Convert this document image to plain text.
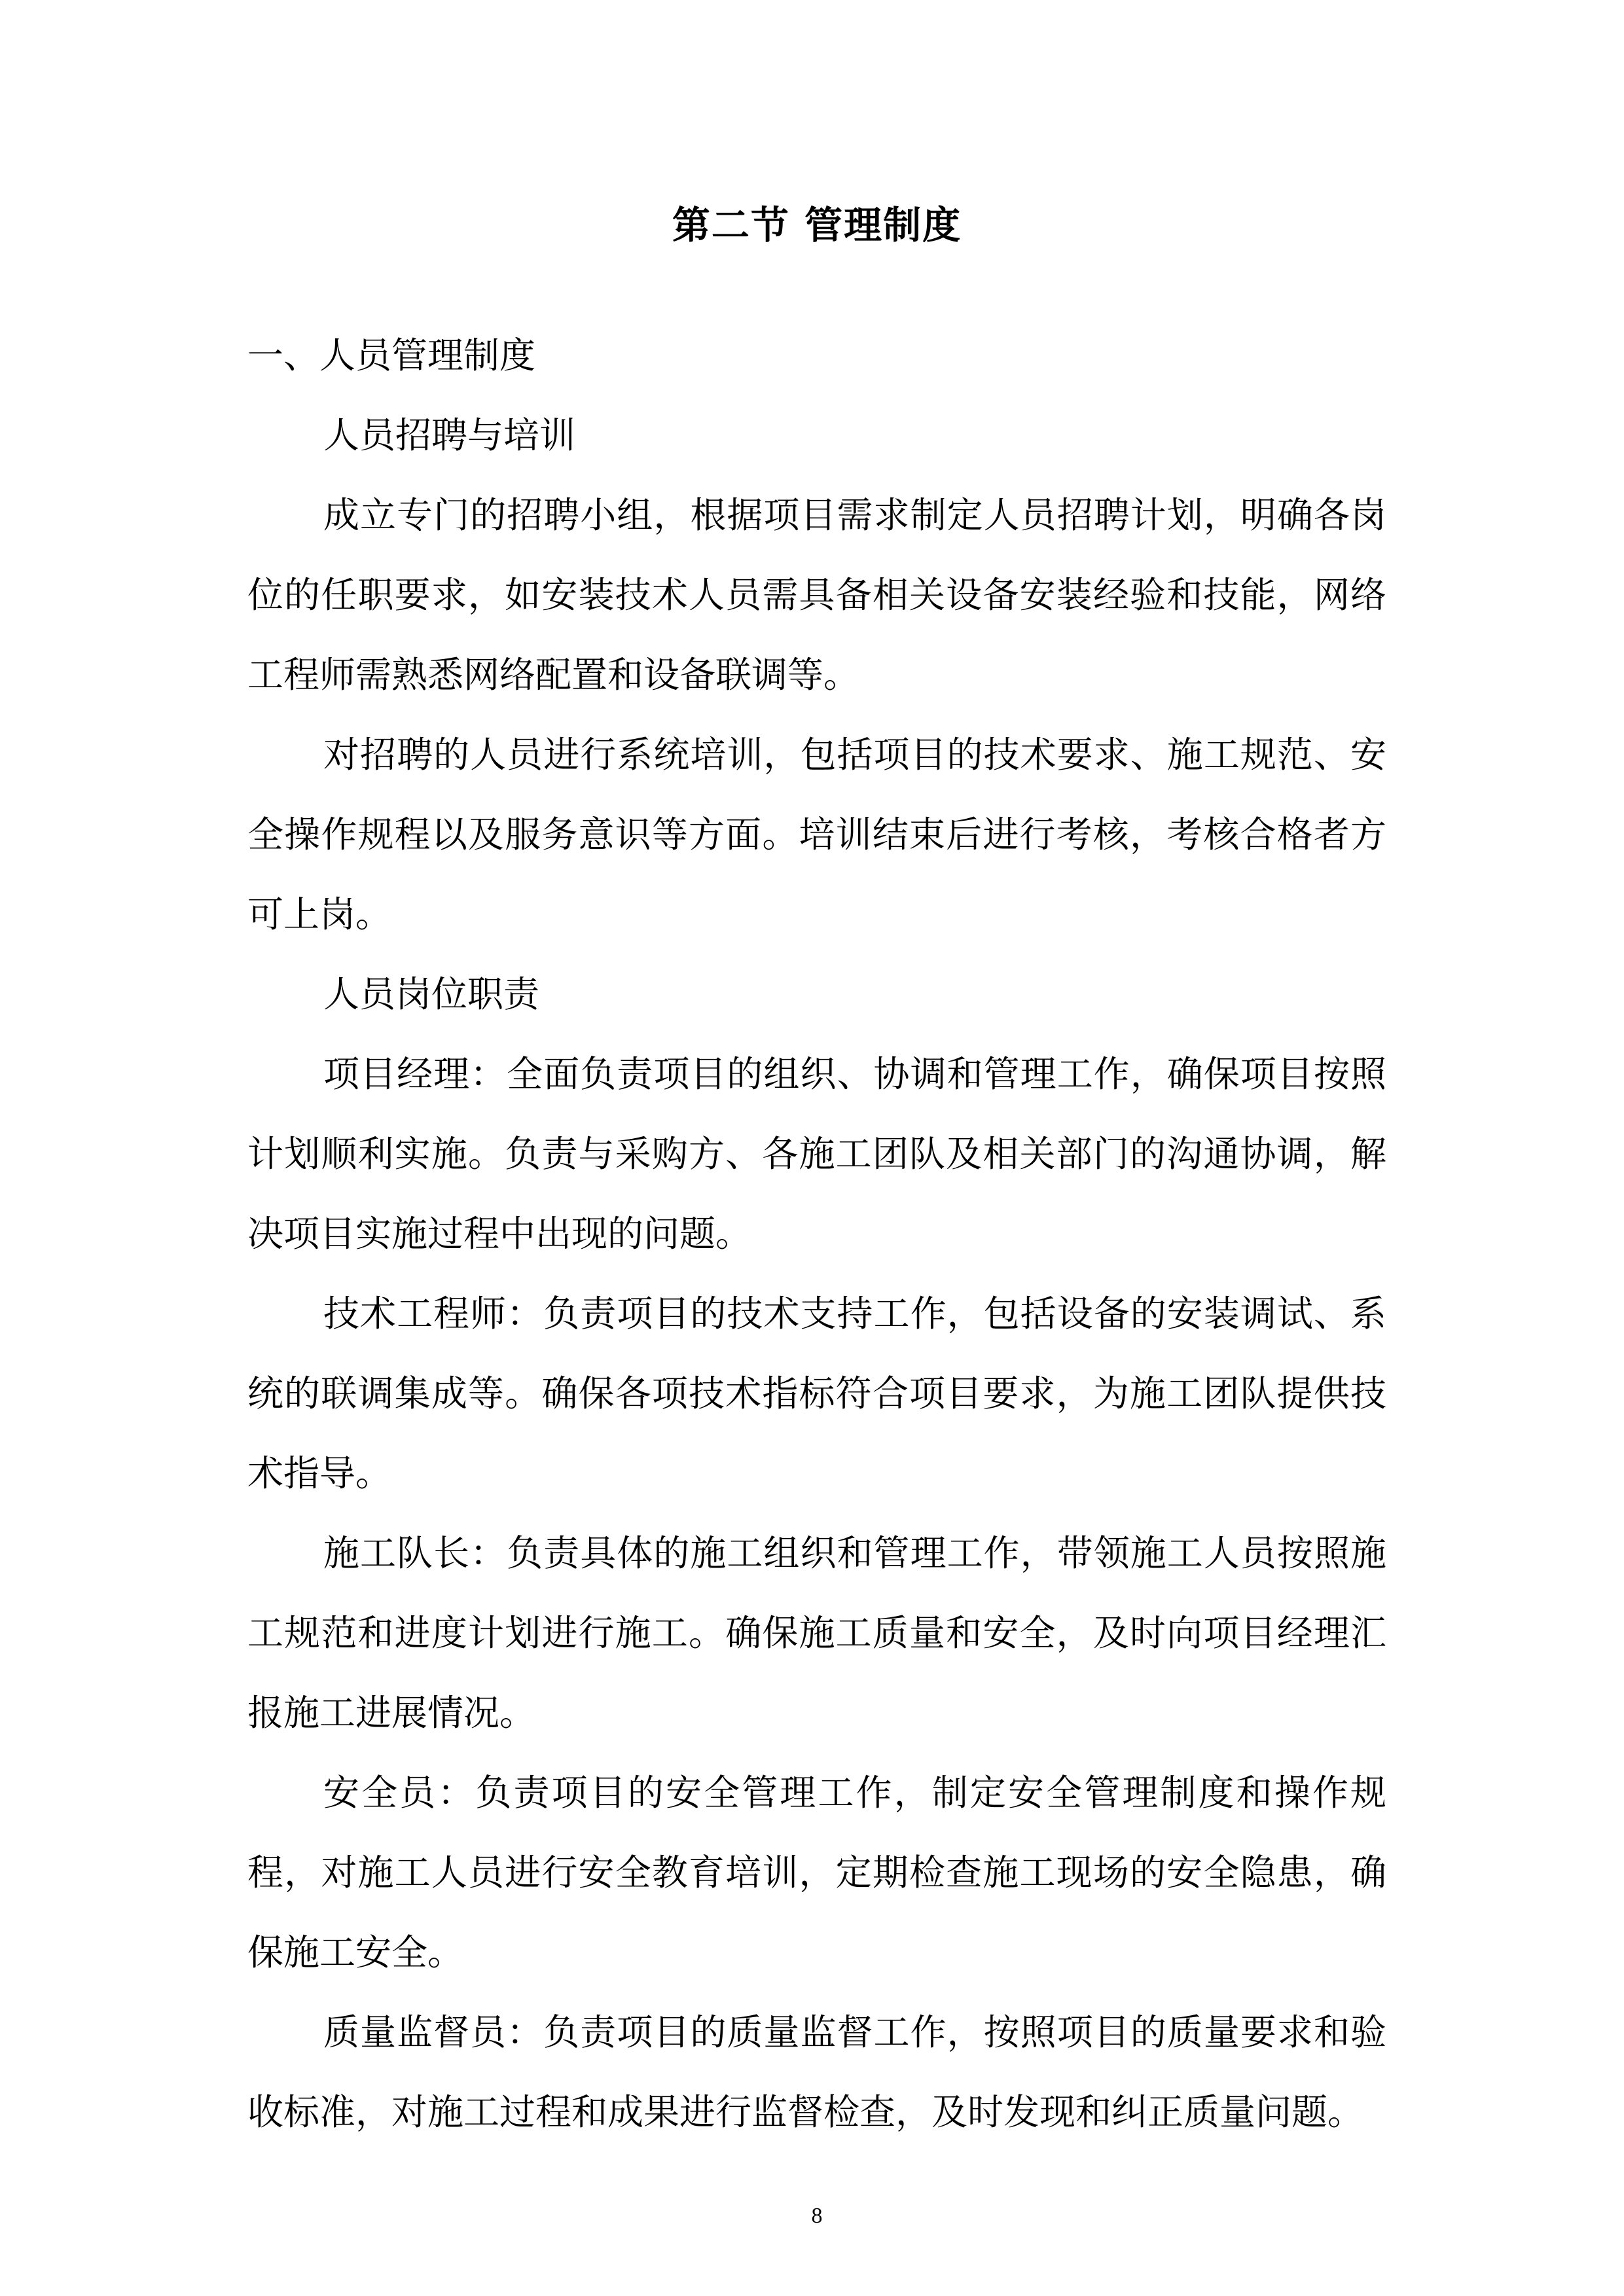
第二节 管理制度

一、人员管理制度

人员招聘与培训

成立专门的招聘小组，根据项目需求制定人员招聘计划，明确各岗位的任职要求，如安装技术人员需具备相关设备安装经验和技能，网络工程师需熟悉网络配置和设备联调等。

对招聘的人员进行系统培训，包括项目的技术要求、施工规范、安全操作规程以及服务意识等方面。培训结束后进行考核，考核合格者方可上岗。

人员岗位职责

项目经理：全面负责项目的组织、协调和管理工作，确保项目按照计划顺利实施。负责与采购方、各施工团队及相关部门的沟通协调，解决项目实施过程中出现的问题。

技术工程师：负责项目的技术支持工作，包括设备的安装调试、系统的联调集成等。确保各项技术指标符合项目要求，为施工团队提供技术指导。

施工队长：负责具体的施工组织和管理工作，带领施工人员按照施工规范和进度计划进行施工。确保施工质量和安全，及时向项目经理汇报施工进展情况。

安全员：负责项目的安全管理工作，制定安全管理制度和操作规程，对施工人员进行安全教育培训，定期检查施工现场的安全隐患，确保施工安全。

质量监督员：负责项目的质量监督工作，按照项目的质量要求和验收标准，对施工过程和成果进行监督检查，及时发现和纠正质量问题。

8
